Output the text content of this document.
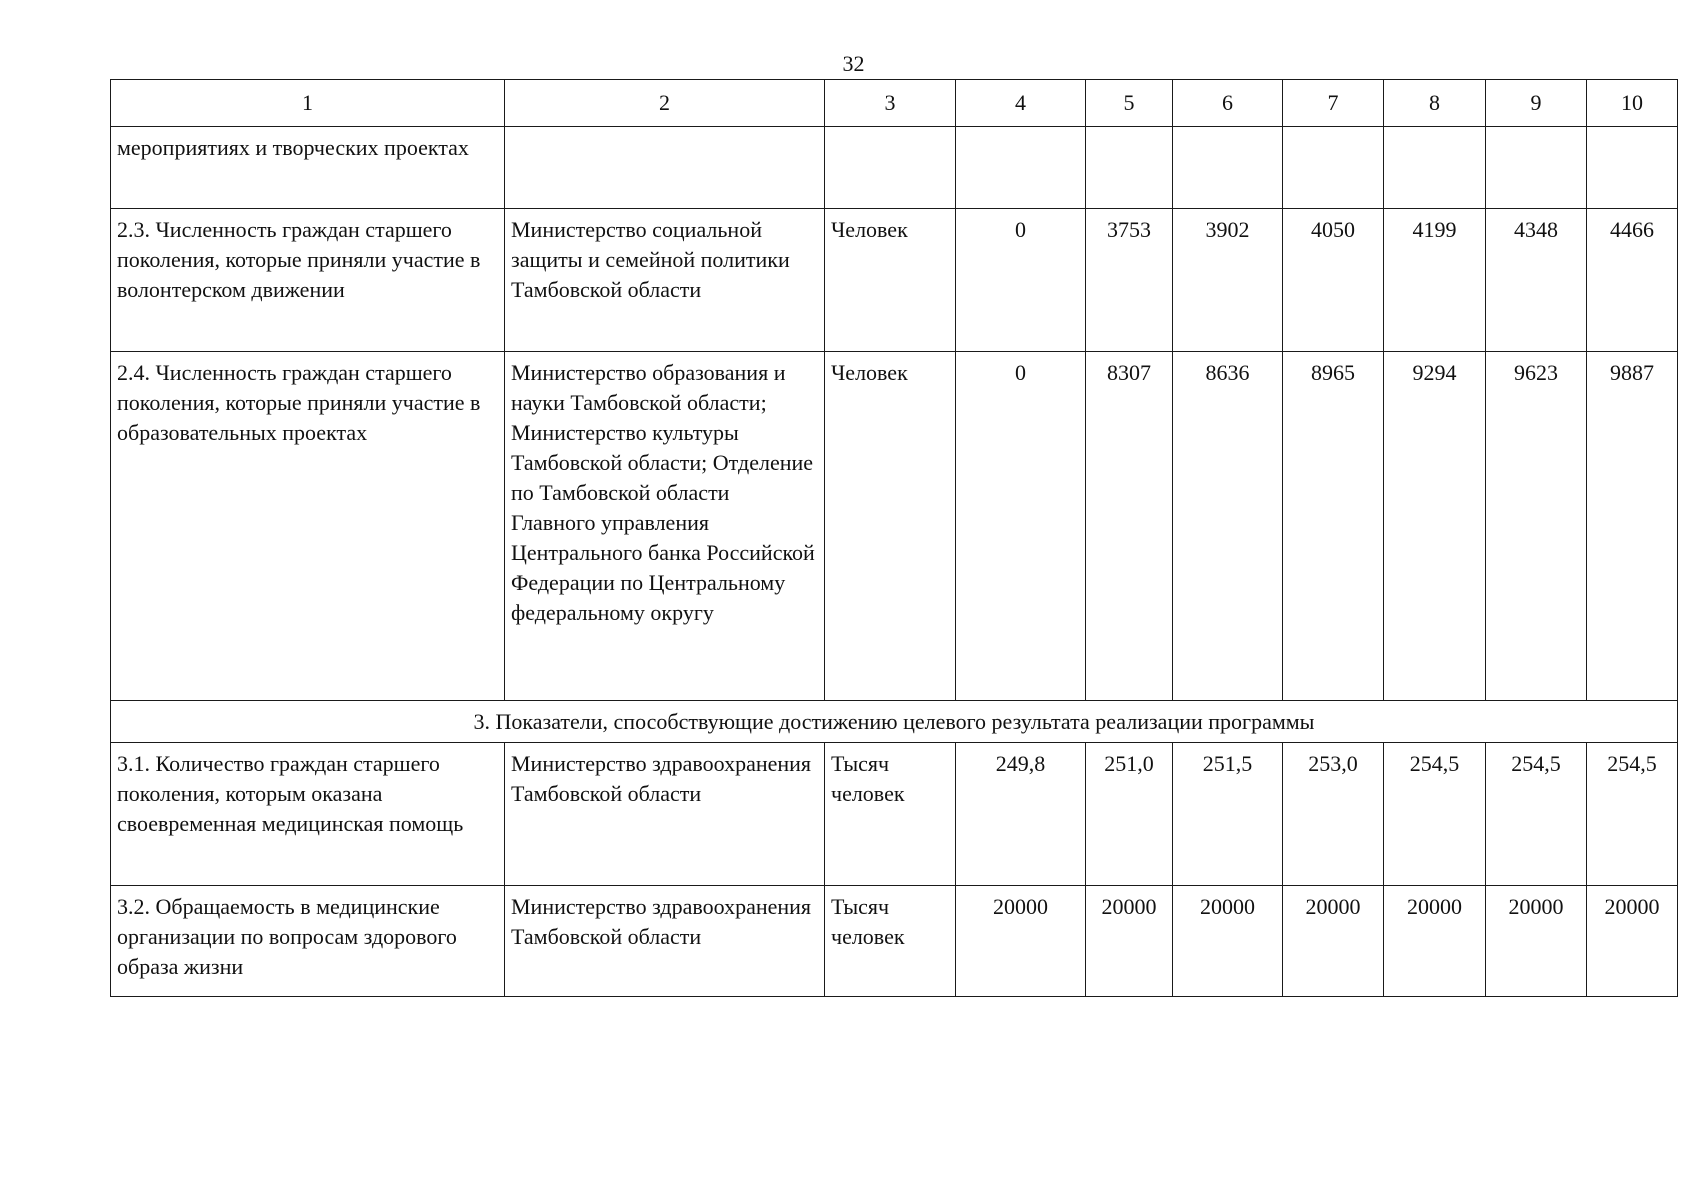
32
1	2	3	4	5	6	7	8	9	10
мероприятиях и творческих проектах									
2.3. Численность граждан старшего поколения, которые приняли участие в волонтерском движении	Министерство социальной защиты и семейной политики Тамбовской области	Человек	0	3753	3902	4050	4199	4348	4466
2.4. Численность граждан старшего поколения, которые приняли участие в образовательных проектах	Министерство образования и науки Тамбовской области; Министерство культуры Тамбовской области; Отделение по Тамбовской области Главного управления Центрального банка Российской Федерации по Центральному федеральному округу	Человек	0	8307	8636	8965	9294	9623	9887
3. Показатели, способствующие достижению целевого результата реализации программы									
3.1. Количество граждан старшего поколения, которым оказана своевременная медицинская помощь	Министерство здравоохранения Тамбовской области	Тысяч человек	249,8	251,0	251,5	253,0	254,5	254,5	254,5
3.2. Обращаемость в медицинские организации по вопросам здорового образа жизни	Министерство здравоохранения Тамбовской области	Тысяч человек	20000	20000	20000	20000	20000	20000	20000
